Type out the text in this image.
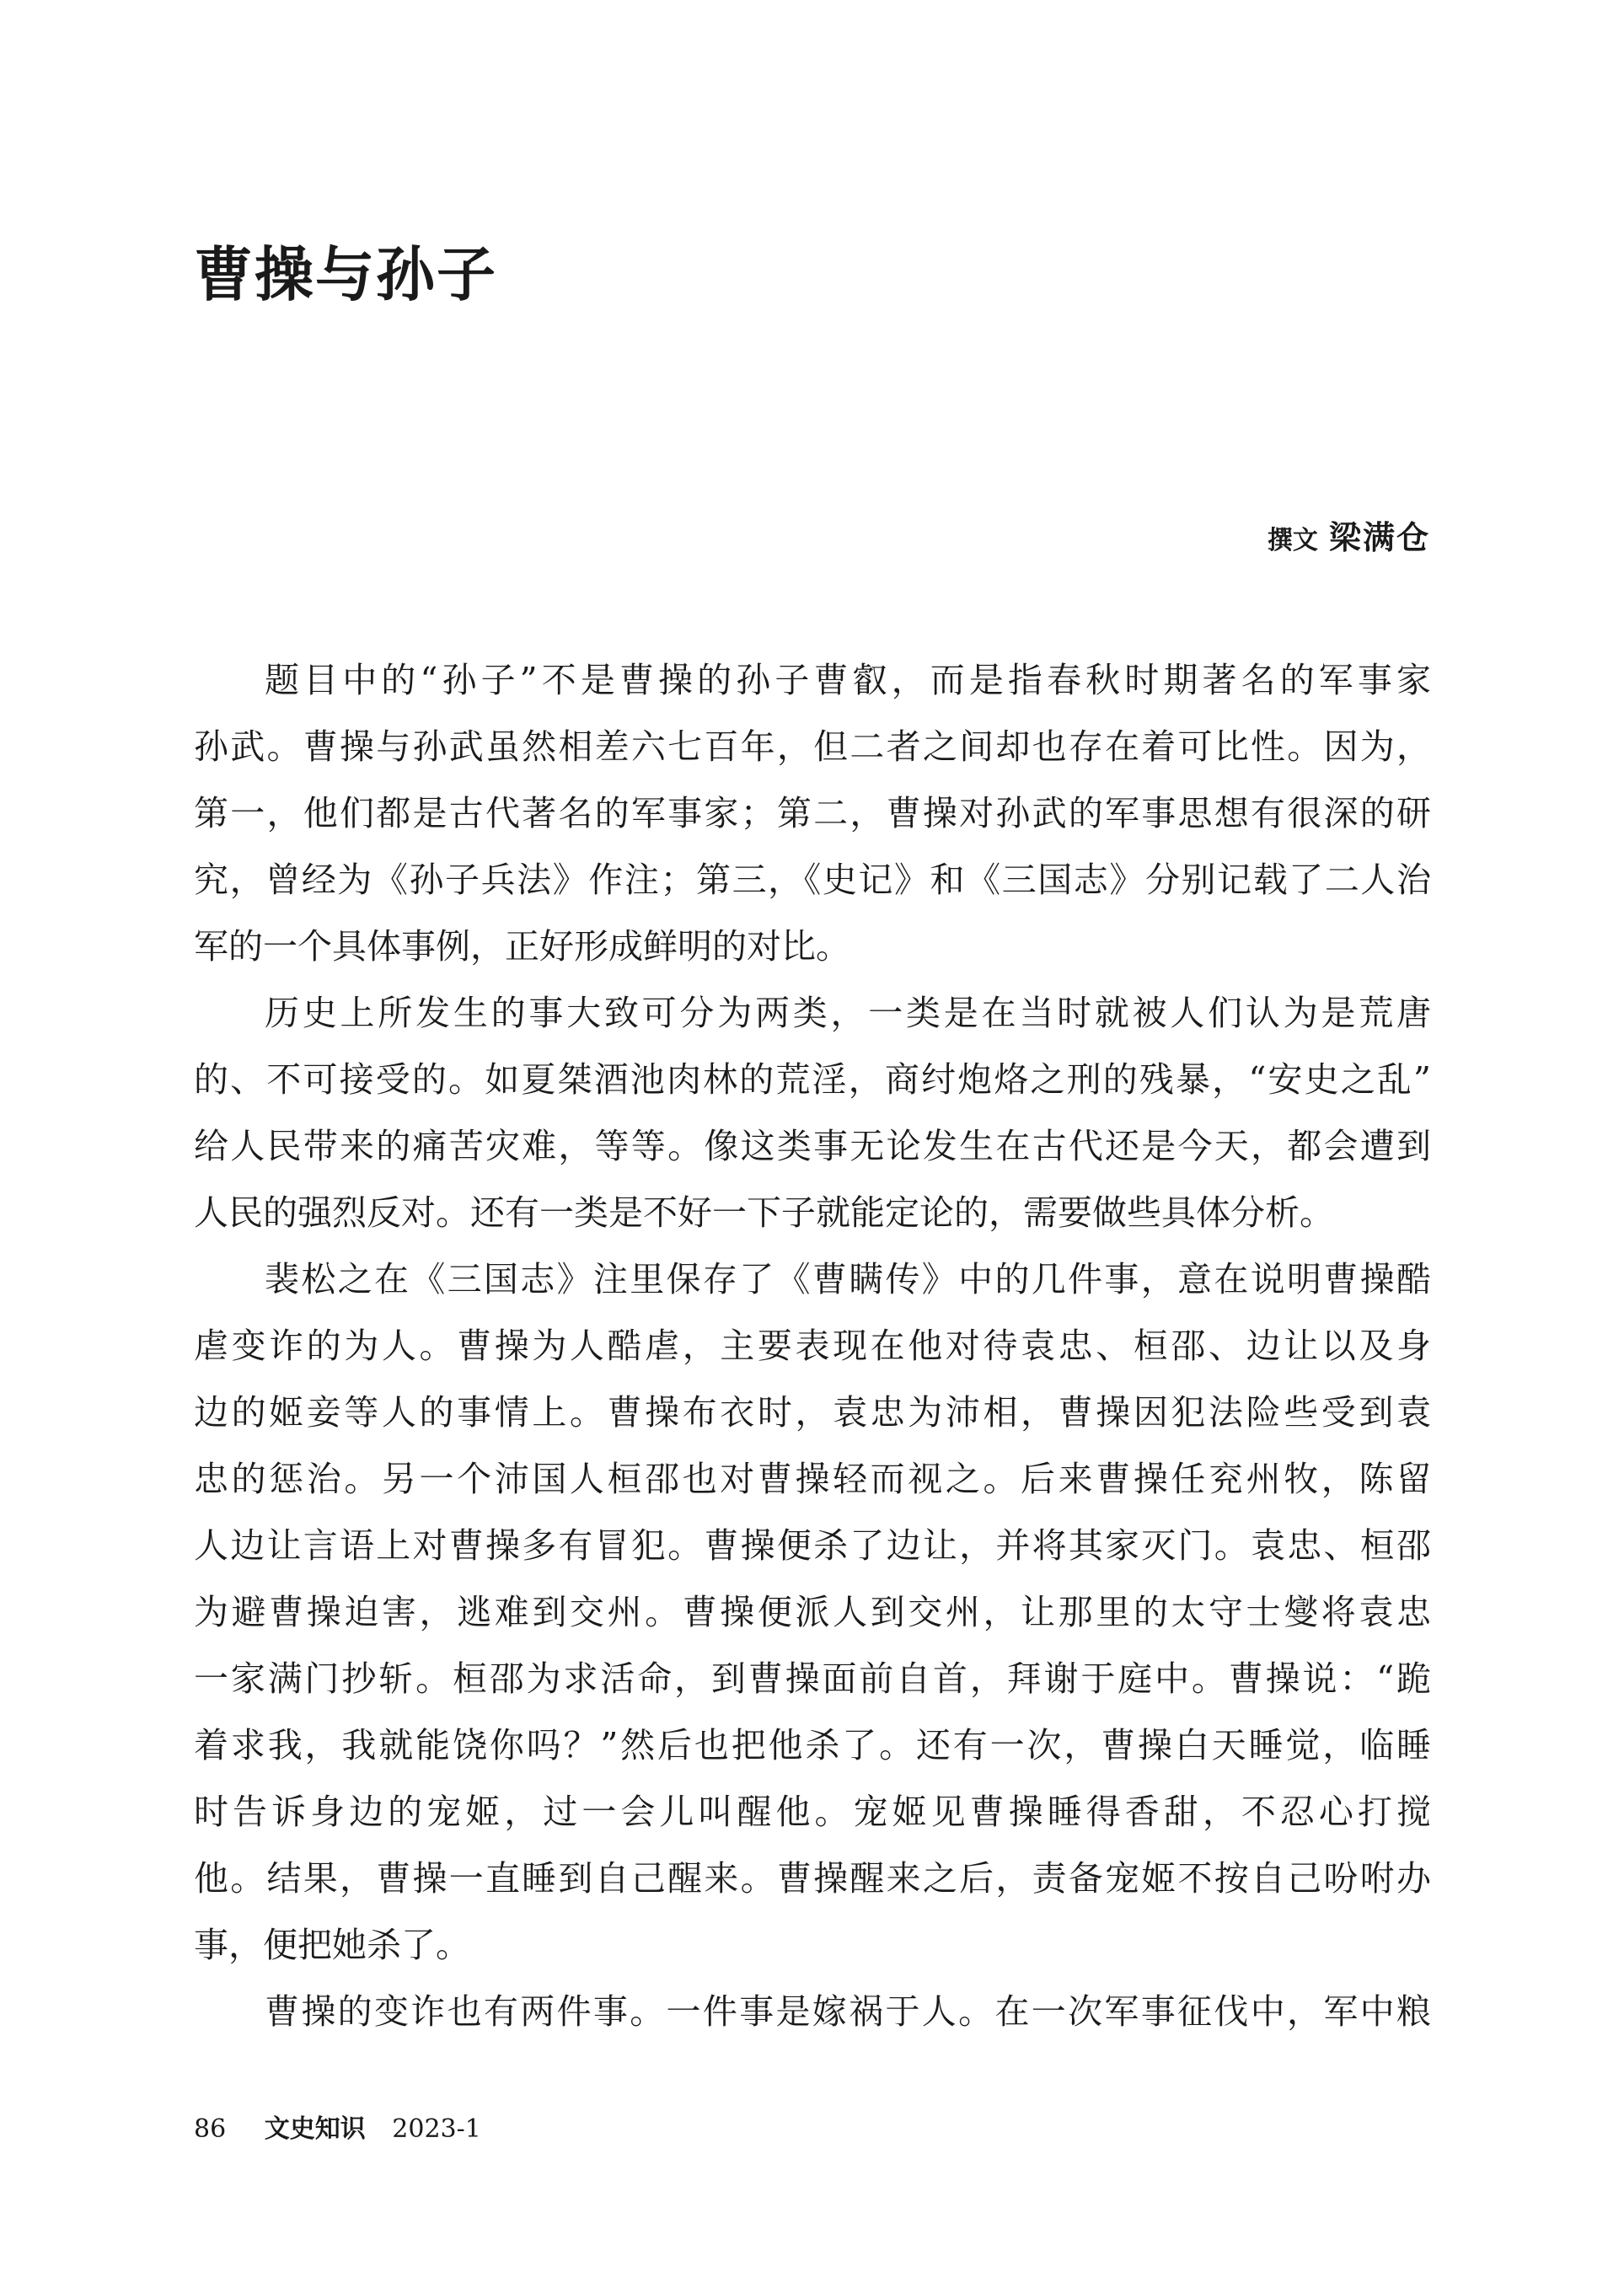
曹操与孙子
撰文 梁满仓
题目中的“孙子”不是曹操的孙子曹叡，而是指春秋时期著名的军事家
孙武。曹操与孙武虽然相差六七百年，但二者之间却也存在着可比性。因为，
第一，他们都是古代著名的军事家；第二，曹操对孙武的军事思想有很深的研
究，曾经为《孙子兵法》作注；第三，《史记》和《三国志》分别记载了二人治
军的一个具体事例，正好形成鲜明的对比。
历史上所发生的事大致可分为两类，一类是在当时就被人们认为是荒唐
的、不可接受的。如夏桀酒池肉林的荒淫，商纣炮烙之刑的残暴，“安史之乱”
给人民带来的痛苦灾难，等等。像这类事无论发生在古代还是今天，都会遭到
人民的强烈反对。还有一类是不好一下子就能定论的，需要做些具体分析。
裴松之在《三国志》注里保存了《曹瞒传》中的几件事，意在说明曹操酷
虐变诈的为人。曹操为人酷虐，主要表现在他对待袁忠、桓邵、边让以及身
边的姬妾等人的事情上。曹操布衣时，袁忠为沛相，曹操因犯法险些受到袁
忠的惩治。另一个沛国人桓邵也对曹操轻而视之。后来曹操任兖州牧，陈留
人边让言语上对曹操多有冒犯。曹操便杀了边让，并将其家灭门。袁忠、桓邵
为避曹操迫害，逃难到交州。曹操便派人到交州，让那里的太守士燮将袁忠
一家满门抄斩。桓邵为求活命，到曹操面前自首，拜谢于庭中。曹操说：“跪
着求我，我就能饶你吗？”然后也把他杀了。还有一次，曹操白天睡觉，临睡
时告诉身边的宠姬，过一会儿叫醒他。宠姬见曹操睡得香甜，不忍心打搅
他。结果，曹操一直睡到自己醒来。曹操醒来之后，责备宠姬不按自己吩咐办
事，便把她杀了。
曹操的变诈也有两件事。一件事是嫁祸于人。在一次军事征伐中，军中粮
86 文史知识 2023-1
